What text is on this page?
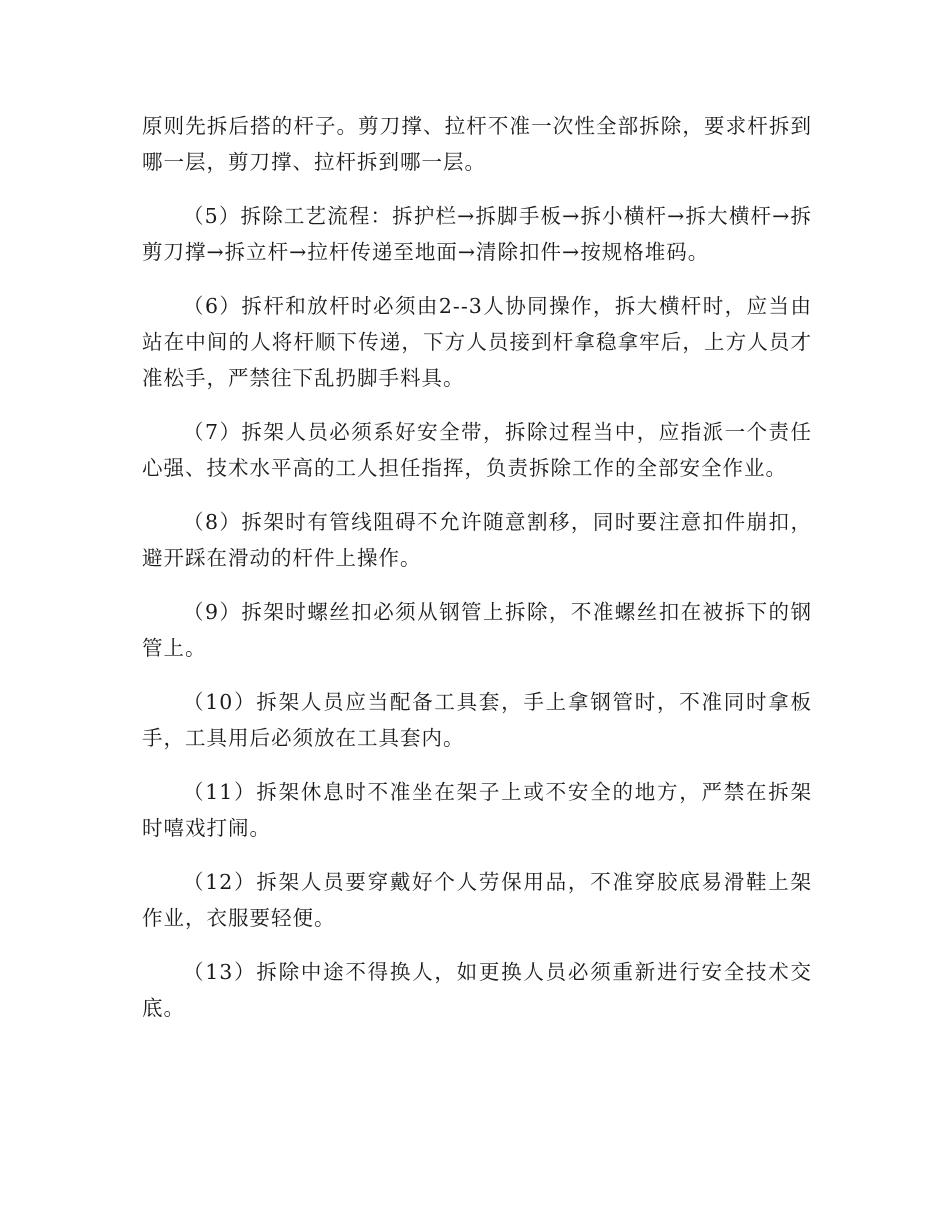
原则先拆后搭的杆子。剪刀撑、拉杆不准一次性全部拆除，要求杆拆到哪一层，剪刀撑、拉杆拆到哪一层。

（5）拆除工艺流程：拆护栏→拆脚手板→拆小横杆→拆大横杆→拆剪刀撑→拆立杆→拉杆传递至地面→清除扣件→按规格堆码。

（6）拆杆和放杆时必须由2--3人协同操作，拆大横杆时，应当由站在中间的人将杆顺下传递，下方人员接到杆拿稳拿牢后，上方人员才准松手，严禁往下乱扔脚手料具。

（7）拆架人员必须系好安全带，拆除过程当中，应指派一个责任心强、技术水平高的工人担任指挥，负责拆除工作的全部安全作业。

（8）拆架时有管线阻碍不允许随意割移，同时要注意扣件崩扣，避开踩在滑动的杆件上操作。

（9）拆架时螺丝扣必须从钢管上拆除，不准螺丝扣在被拆下的钢管上。

（10）拆架人员应当配备工具套，手上拿钢管时，不准同时拿板手，工具用后必须放在工具套内。

（11）拆架休息时不准坐在架子上或不安全的地方，严禁在拆架时嘻戏打闹。

（12）拆架人员要穿戴好个人劳保用品，不准穿胶底易滑鞋上架作业，衣服要轻便。

（13）拆除中途不得换人，如更换人员必须重新进行安全技术交底。
